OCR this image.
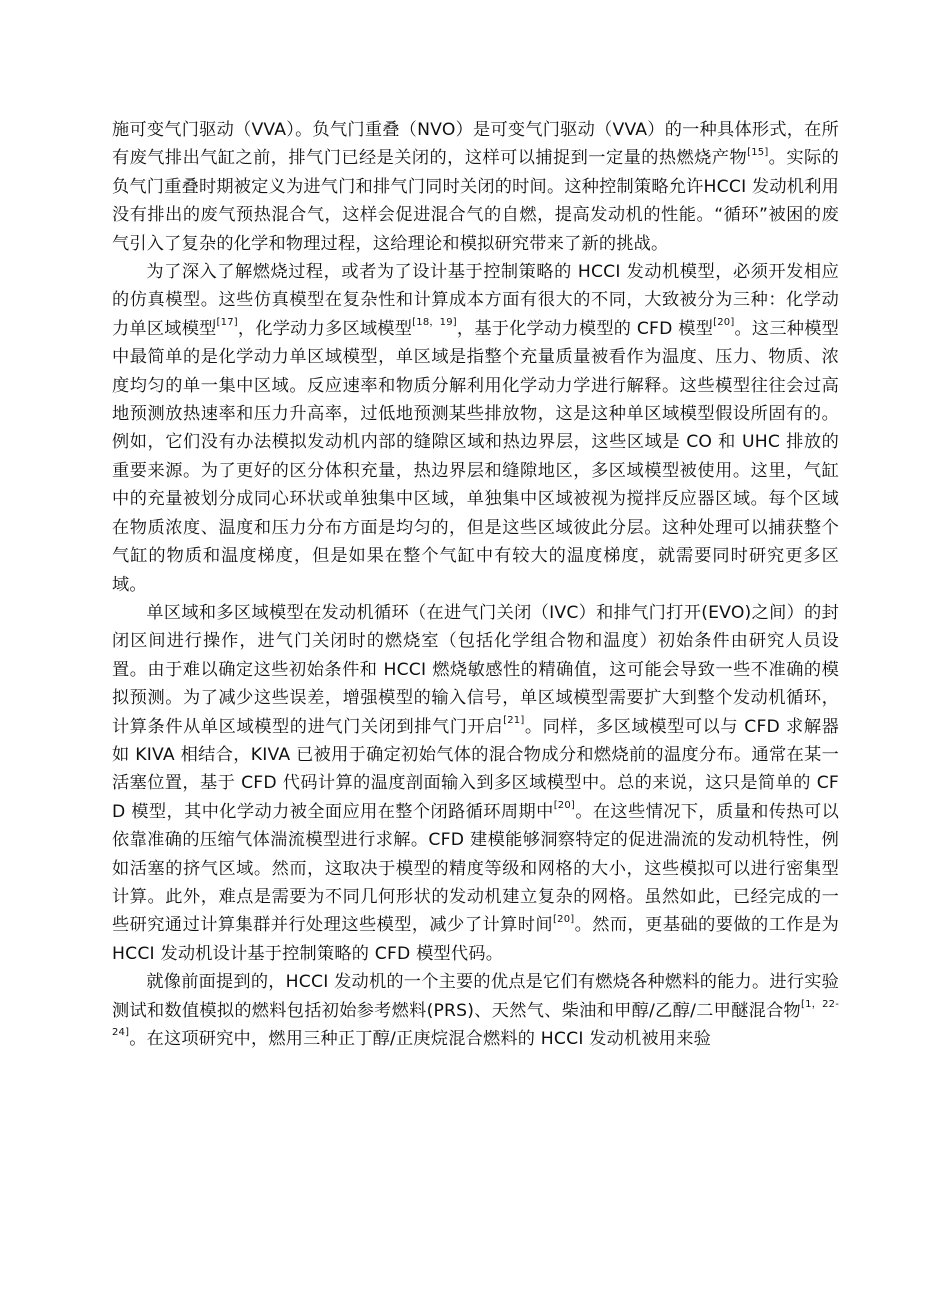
施可变气门驱动（VVA）。负气门重叠（NVO）是可变气门驱动（VVA）的一种具体形式，在所有废气排出气缸之前，排气门已经是关闭的，这样可以捕捉到一定量的热燃烧产物[15]。实际的负气门重叠时期被定义为进气门和排气门同时关闭的时间。这种控制策略允许HCCI 发动机利用没有排出的废气预热混合气，这样会促进混合气的自燃，提高发动机的性能。“循环”被困的废气引入了复杂的化学和物理过程，这给理论和模拟研究带来了新的挑战。

为了深入了解燃烧过程，或者为了设计基于控制策略的 HCCI 发动机模型，必须开发相应的仿真模型。这些仿真模型在复杂性和计算成本方面有很大的不同，大致被分为三种：化学动力单区域模型[17]，化学动力多区域模型[18，19]，基于化学动力模型的 CFD 模型[20]。这三种模型中最简单的是化学动力单区域模型，单区域是指整个充量质量被看作为温度、压力、物质、浓度均匀的单一集中区域。反应速率和物质分解利用化学动力学进行解释。这些模型往往会过高地预测放热速率和压力升高率，过低地预测某些排放物，这是这种单区域模型假设所固有的。例如，它们没有办法模拟发动机内部的缝隙区域和热边界层，这些区域是 CO 和 UHC 排放的重要来源。为了更好的区分体积充量，热边界层和缝隙地区，多区域模型被使用。这里，气缸中的充量被划分成同心环状或单独集中区域，单独集中区域被视为搅拌反应器区域。每个区域在物质浓度、温度和压力分布方面是均匀的，但是这些区域彼此分层。这种处理可以捕获整个气缸的物质和温度梯度，但是如果在整个气缸中有较大的温度梯度，就需要同时研究更多区域。

单区域和多区域模型在发动机循环（在进气门关闭（IVC）和排气门打开(EVO)之间）的封闭区间进行操作，进气门关闭时的燃烧室（包括化学组合物和温度）初始条件由研究人员设置。由于难以确定这些初始条件和 HCCI 燃烧敏感性的精确值，这可能会导致一些不准确的模拟预测。为了减少这些误差，增强模型的输入信号，单区域模型需要扩大到整个发动机循环，计算条件从单区域模型的进气门关闭到排气门开启[21]。同样，多区域模型可以与 CFD 求解器如 KIVA 相结合，KIVA 已被用于确定初始气体的混合物成分和燃烧前的温度分布。通常在某一活塞位置，基于 CFD 代码计算的温度剖面输入到多区域模型中。总的来说，这只是简单的 CFD 模型，其中化学动力被全面应用在整个闭路循环周期中[20]。在这些情况下，质量和传热可以依靠准确的压缩气体湍流模型进行求解。CFD 建模能够洞察特定的促进湍流的发动机特性，例如活塞的挤气区域。然而，这取决于模型的精度等级和网格的大小，这些模拟可以进行密集型计算。此外，难点是需要为不同几何形状的发动机建立复杂的网格。虽然如此，已经完成的一些研究通过计算集群并行处理这些模型，减少了计算时间[20]。然而，更基础的要做的工作是为 HCCI 发动机设计基于控制策略的 CFD 模型代码。

就像前面提到的，HCCI 发动机的一个主要的优点是它们有燃烧各种燃料的能力。进行实验测试和数值模拟的燃料包括初始参考燃料(PRS)、天然气、柴油和甲醇/乙醇/二甲醚混合物[1，22-24]。在这项研究中，燃用三种正丁醇/正庚烷混合燃料的 HCCI 发动机被用来验
